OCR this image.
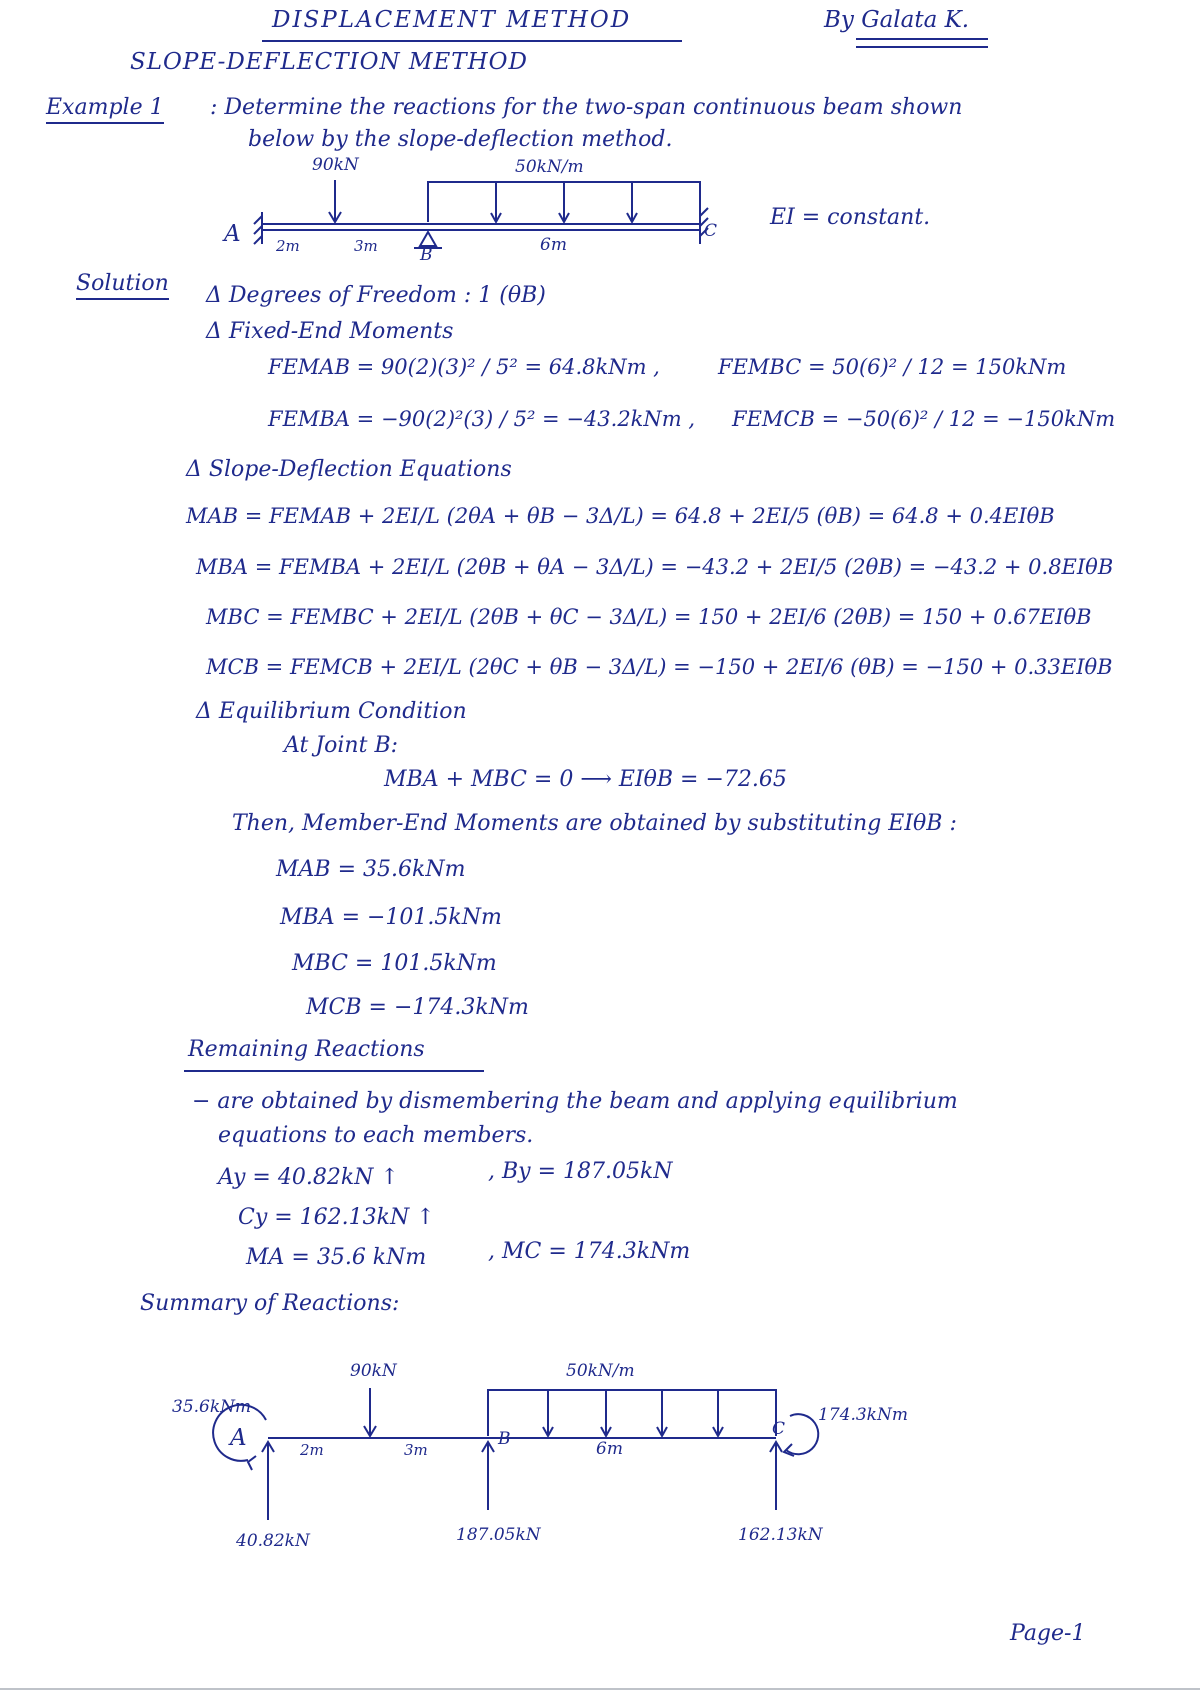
DISPLACEMENT METHOD	By Galata K.
SLOPE-DEFLECTION METHOD
Example 1 : Determine the reactions for the two-span continuous beam shown
below by the slope-deflection method.
90kN	50kN/m
A
B
C
2m	3m	6m
EI = constant.
Solution Δ Degrees of Freedom : 1 (θB)
Δ Fixed-End Moments
FEMAB = 90(2)(3)² / 5² = 64.8kNm ,	FEMBC = 50(6)² / 12 = 150kNm
FEMBA = −90(2)²(3) / 5² = −43.2kNm , FEMCB = −50(6)² / 12 = −150kNm
Δ Slope-Deflection Equations
MAB = FEMAB + 2EI/L (2θA + θB − 3Δ/L) = 64.8 + 2EI/5 (θB) = 64.8 + 0.4EIθB
MBA = FEMBA + 2EI/L (2θB + θA − 3Δ/L) = −43.2 + 2EI/5 (2θB) = −43.2 + 0.8EIθB
MBC = FEMBC + 2EI/L (2θB + θC − 3Δ/L) = 150 + 2EI/6 (2θB) = 150 + 0.67EIθB
MCB = FEMCB + 2EI/L (2θC + θB − 3Δ/L) = −150 + 2EI/6 (θB) = −150 + 0.33EIθB
Δ Equilibrium Condition
At Joint B:
MBA + MBC = 0 ⟶ EIθB = −72.65
Then, Member-End Moments are obtained by substituting EIθB :
MAB = 35.6kNm
MBA = −101.5kNm
MBC = 101.5kNm
MCB = −174.3kNm
Remaining Reactions
− are obtained by dismembering the beam and applying equilibrium
equations to each members.
Ay = 40.82kN ↑	, By = 187.05kN
Cy = 162.13kN ↑
MA = 35.6 kNm	, MC = 174.3kNm
Summary of Reactions:
90kN	50kN/m
35.6kNm	174.3kNm
A	B	C
2m	3m	6m
40.82kN	187.05kN	162.13kN
Page-1
